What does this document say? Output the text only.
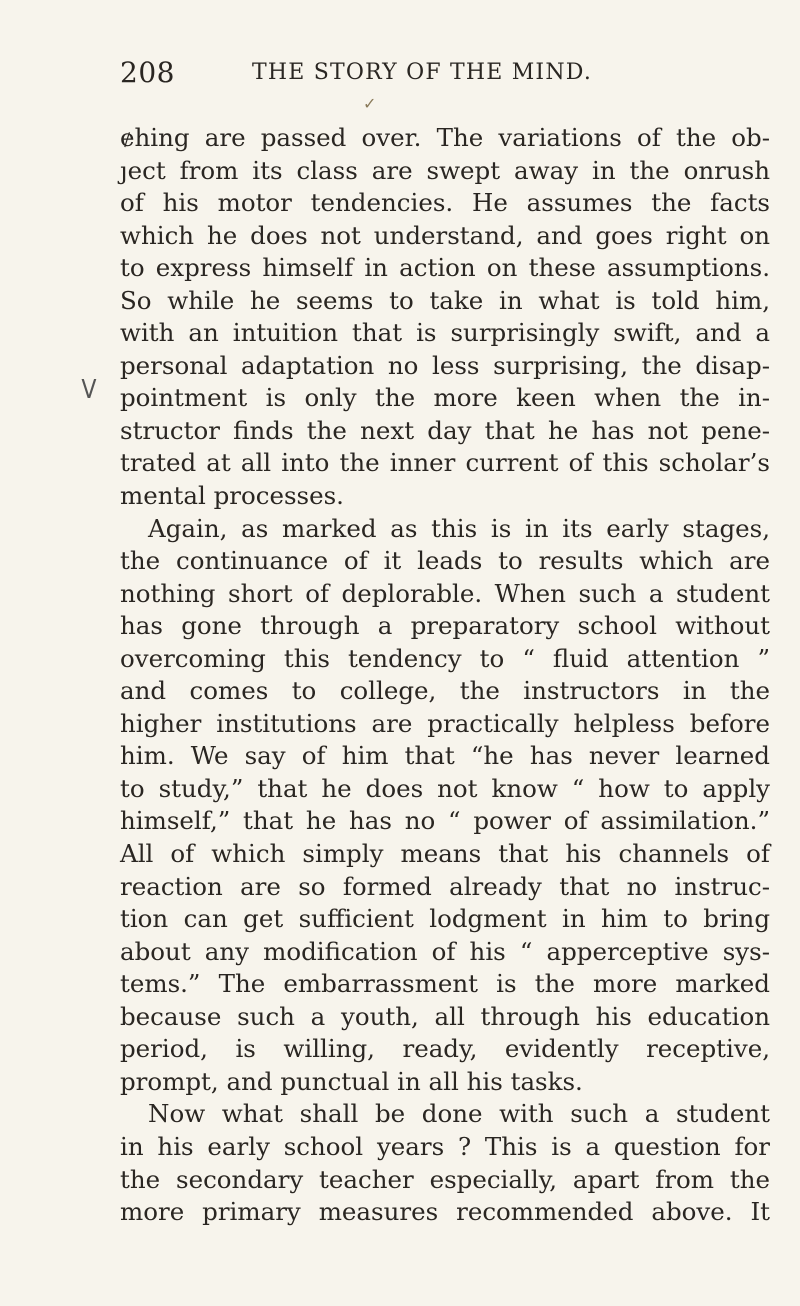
208
✓
THE STORY OF THE MIND.
V
ɇhing are passed over. The variations of the ob-
ȷect from its class are swept away in the onrush
of his motor tendencies. He assumes the facts
which he does not understand, and goes right on
to express himself in action on these assumptions.
So while he seems to take in what is told him,
with an intuition that is surprisingly swift, and a
personal adaptation no less surprising, the disap-
pointment is only the more keen when the in-
structor finds the next day that he has not pene-
trated at all into the inner current of this scholar’s
mental processes.
Again, as marked as this is in its early stages,
the continuance of it leads to results which are
nothing short of deplorable. When such a student
has gone through a preparatory school without
overcoming this tendency to “ fluid attention ”
and comes to college, the instructors in the
higher institutions are practically helpless before
him. We say of him that “he has never learned
to study,” that he does not know “ how to apply
himself,” that he has no “ power of assimilation.”
All of which simply means that his channels of
reaction are so formed already that no instruc-
tion can get sufficient lodgment in him to bring
about any modification of his “ apperceptive sys-
tems.” The embarrassment is the more marked
because such a youth, all through his education
period, is willing, ready, evidently receptive,
prompt, and punctual in all his tasks.
Now what shall be done with such a student
in his early school years ? This is a question for
the secondary teacher especially, apart from the
more primary measures recommended above. It
